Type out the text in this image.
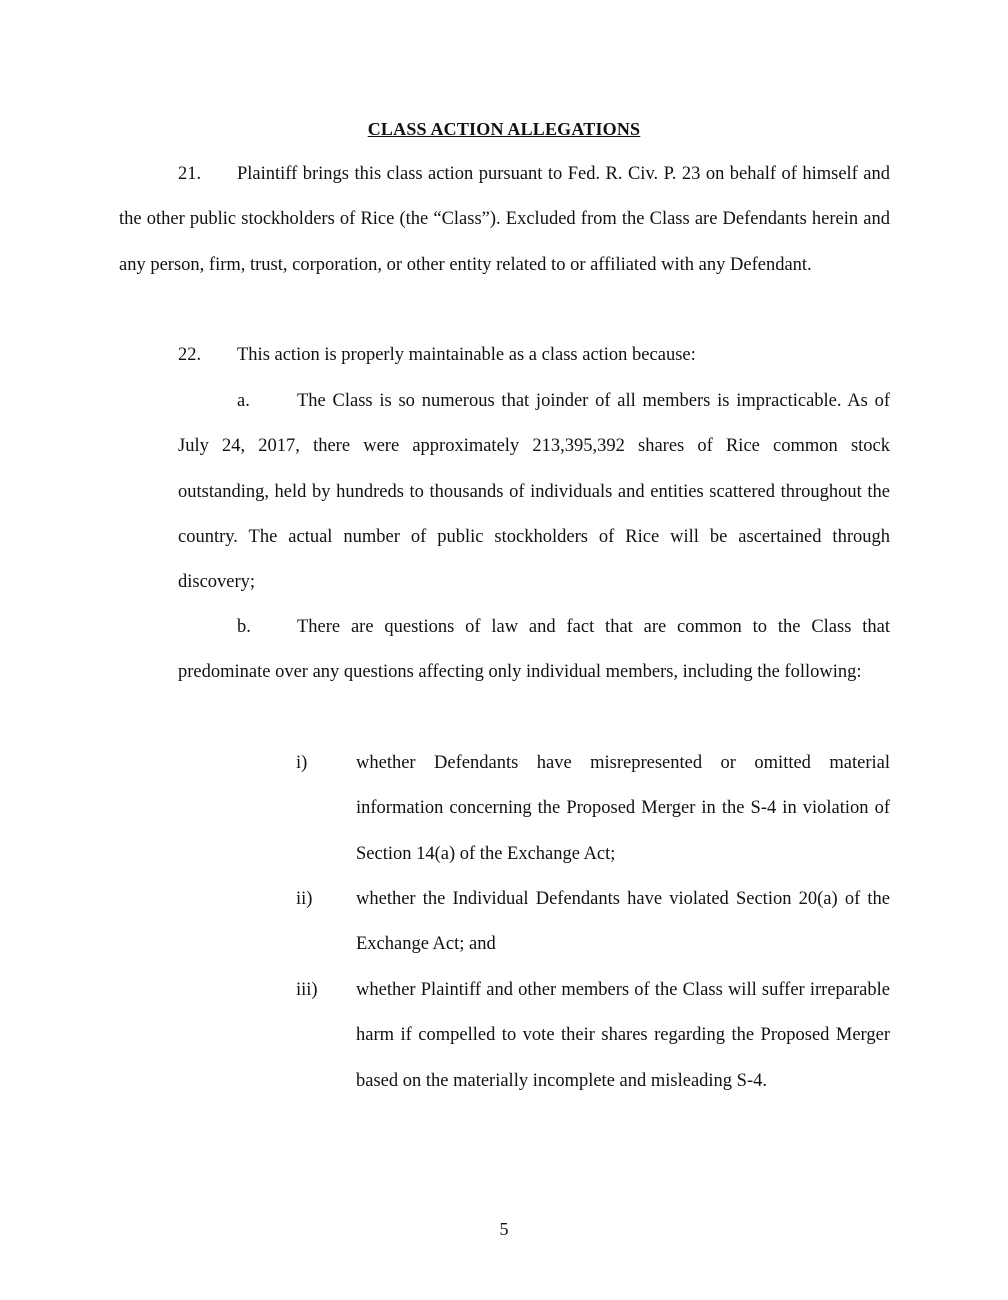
CLASS ACTION ALLEGATIONS
21. Plaintiff brings this class action pursuant to Fed. R. Civ. P. 23 on behalf of himself and the other public stockholders of Rice (the “Class”). Excluded from the Class are Defendants herein and any person, firm, trust, corporation, or other entity related to or affiliated with any Defendant.
22. This action is properly maintainable as a class action because:
a.	The Class is so numerous that joinder of all members is impracticable. As of July 24, 2017, there were approximately 213,395,392 shares of Rice common stock outstanding, held by hundreds to thousands of individuals and entities scattered throughout the country. The actual number of public stockholders of Rice will be ascertained through discovery;
b. There are questions of law and fact that are common to the Class that predominate over any questions affecting only individual members, including the following:
i)	whether Defendants have misrepresented or omitted material information concerning the Proposed Merger in the S-4 in violation of Section 14(a) of the Exchange Act;
ii) whether the Individual Defendants have violated Section 20(a) of the Exchange Act; and
iii) whether Plaintiff and other members of the Class will suffer irreparable harm if compelled to vote their shares regarding the Proposed Merger based on the materially incomplete and misleading S-4.
5
